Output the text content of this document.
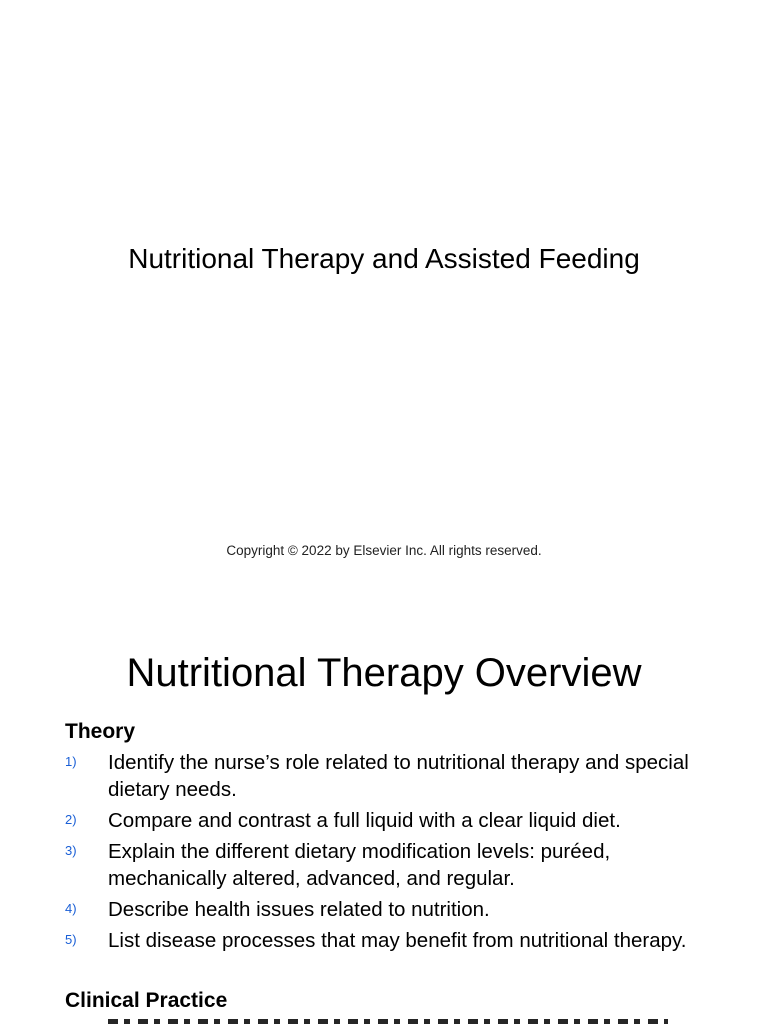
Nutritional Therapy and Assisted Feeding
Copyright © 2022 by Elsevier Inc. All rights reserved.
Nutritional Therapy Overview
Theory
1) Identify the nurse’s role related to nutritional therapy and special dietary needs.
2) Compare and contrast a full liquid with a clear liquid diet.
3) Explain the different dietary modification levels: puréed, mechanically altered, advanced, and regular.
4) Describe health issues related to nutrition.
5) List disease processes that may benefit from nutritional therapy.
Clinical Practice
